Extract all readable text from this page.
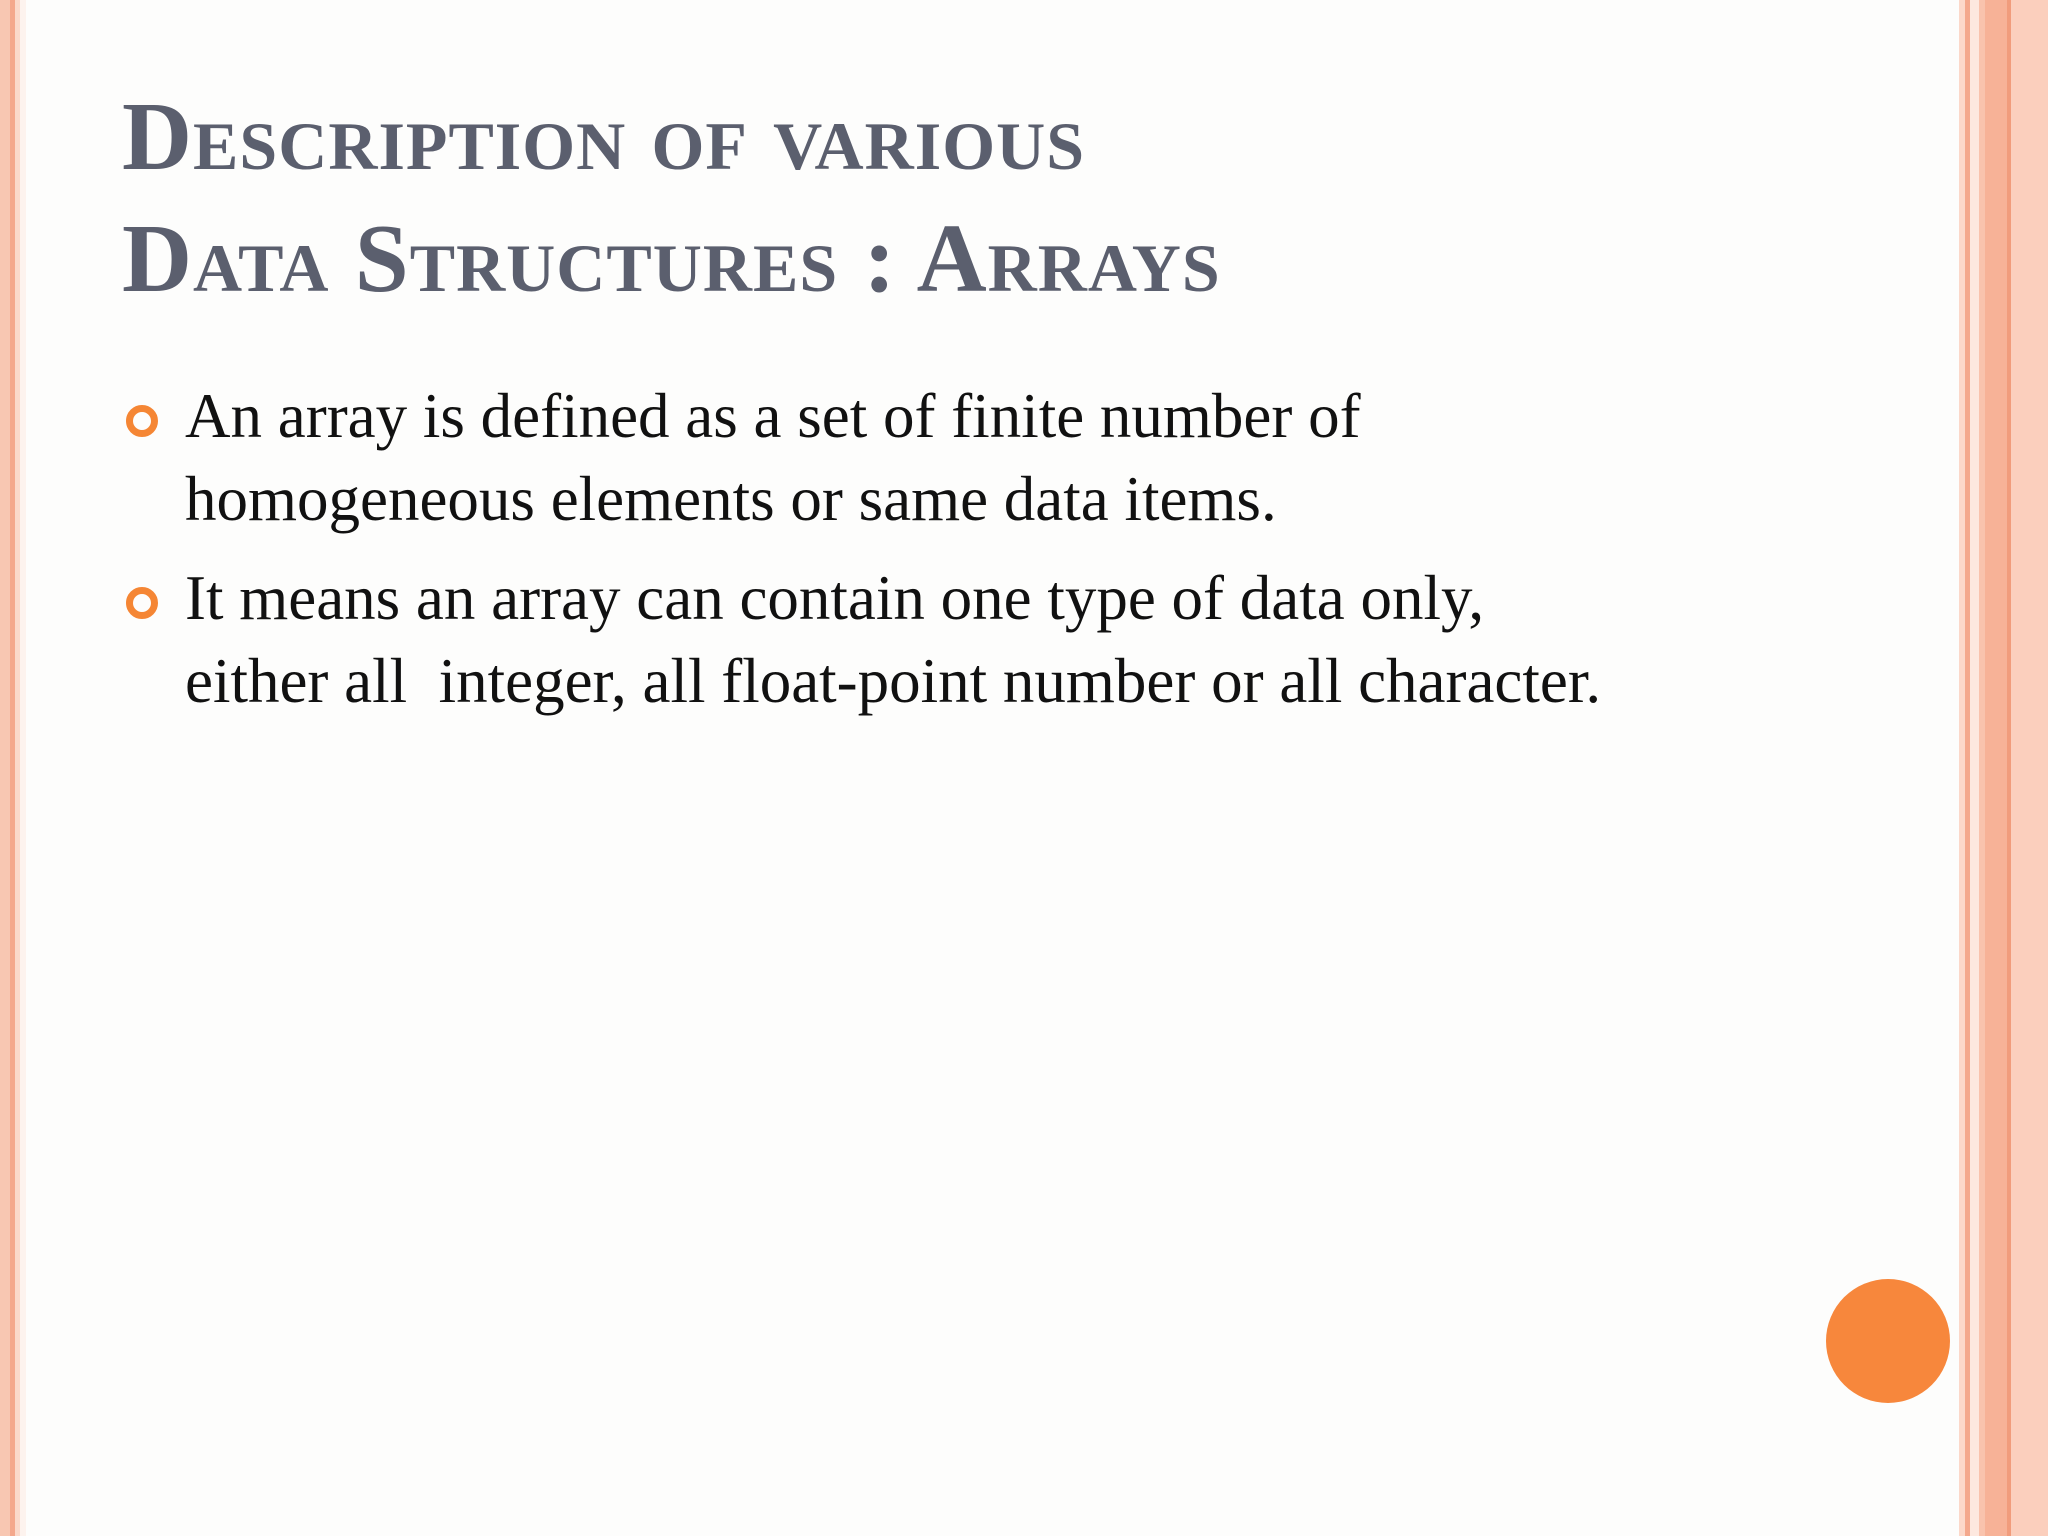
Description of various
Data Structures : Arrays
An array is defined as a set of finite number of
homogeneous elements or same data items.
It means an array can contain one type of data only,
either all  integer, all float-point number or all character.
